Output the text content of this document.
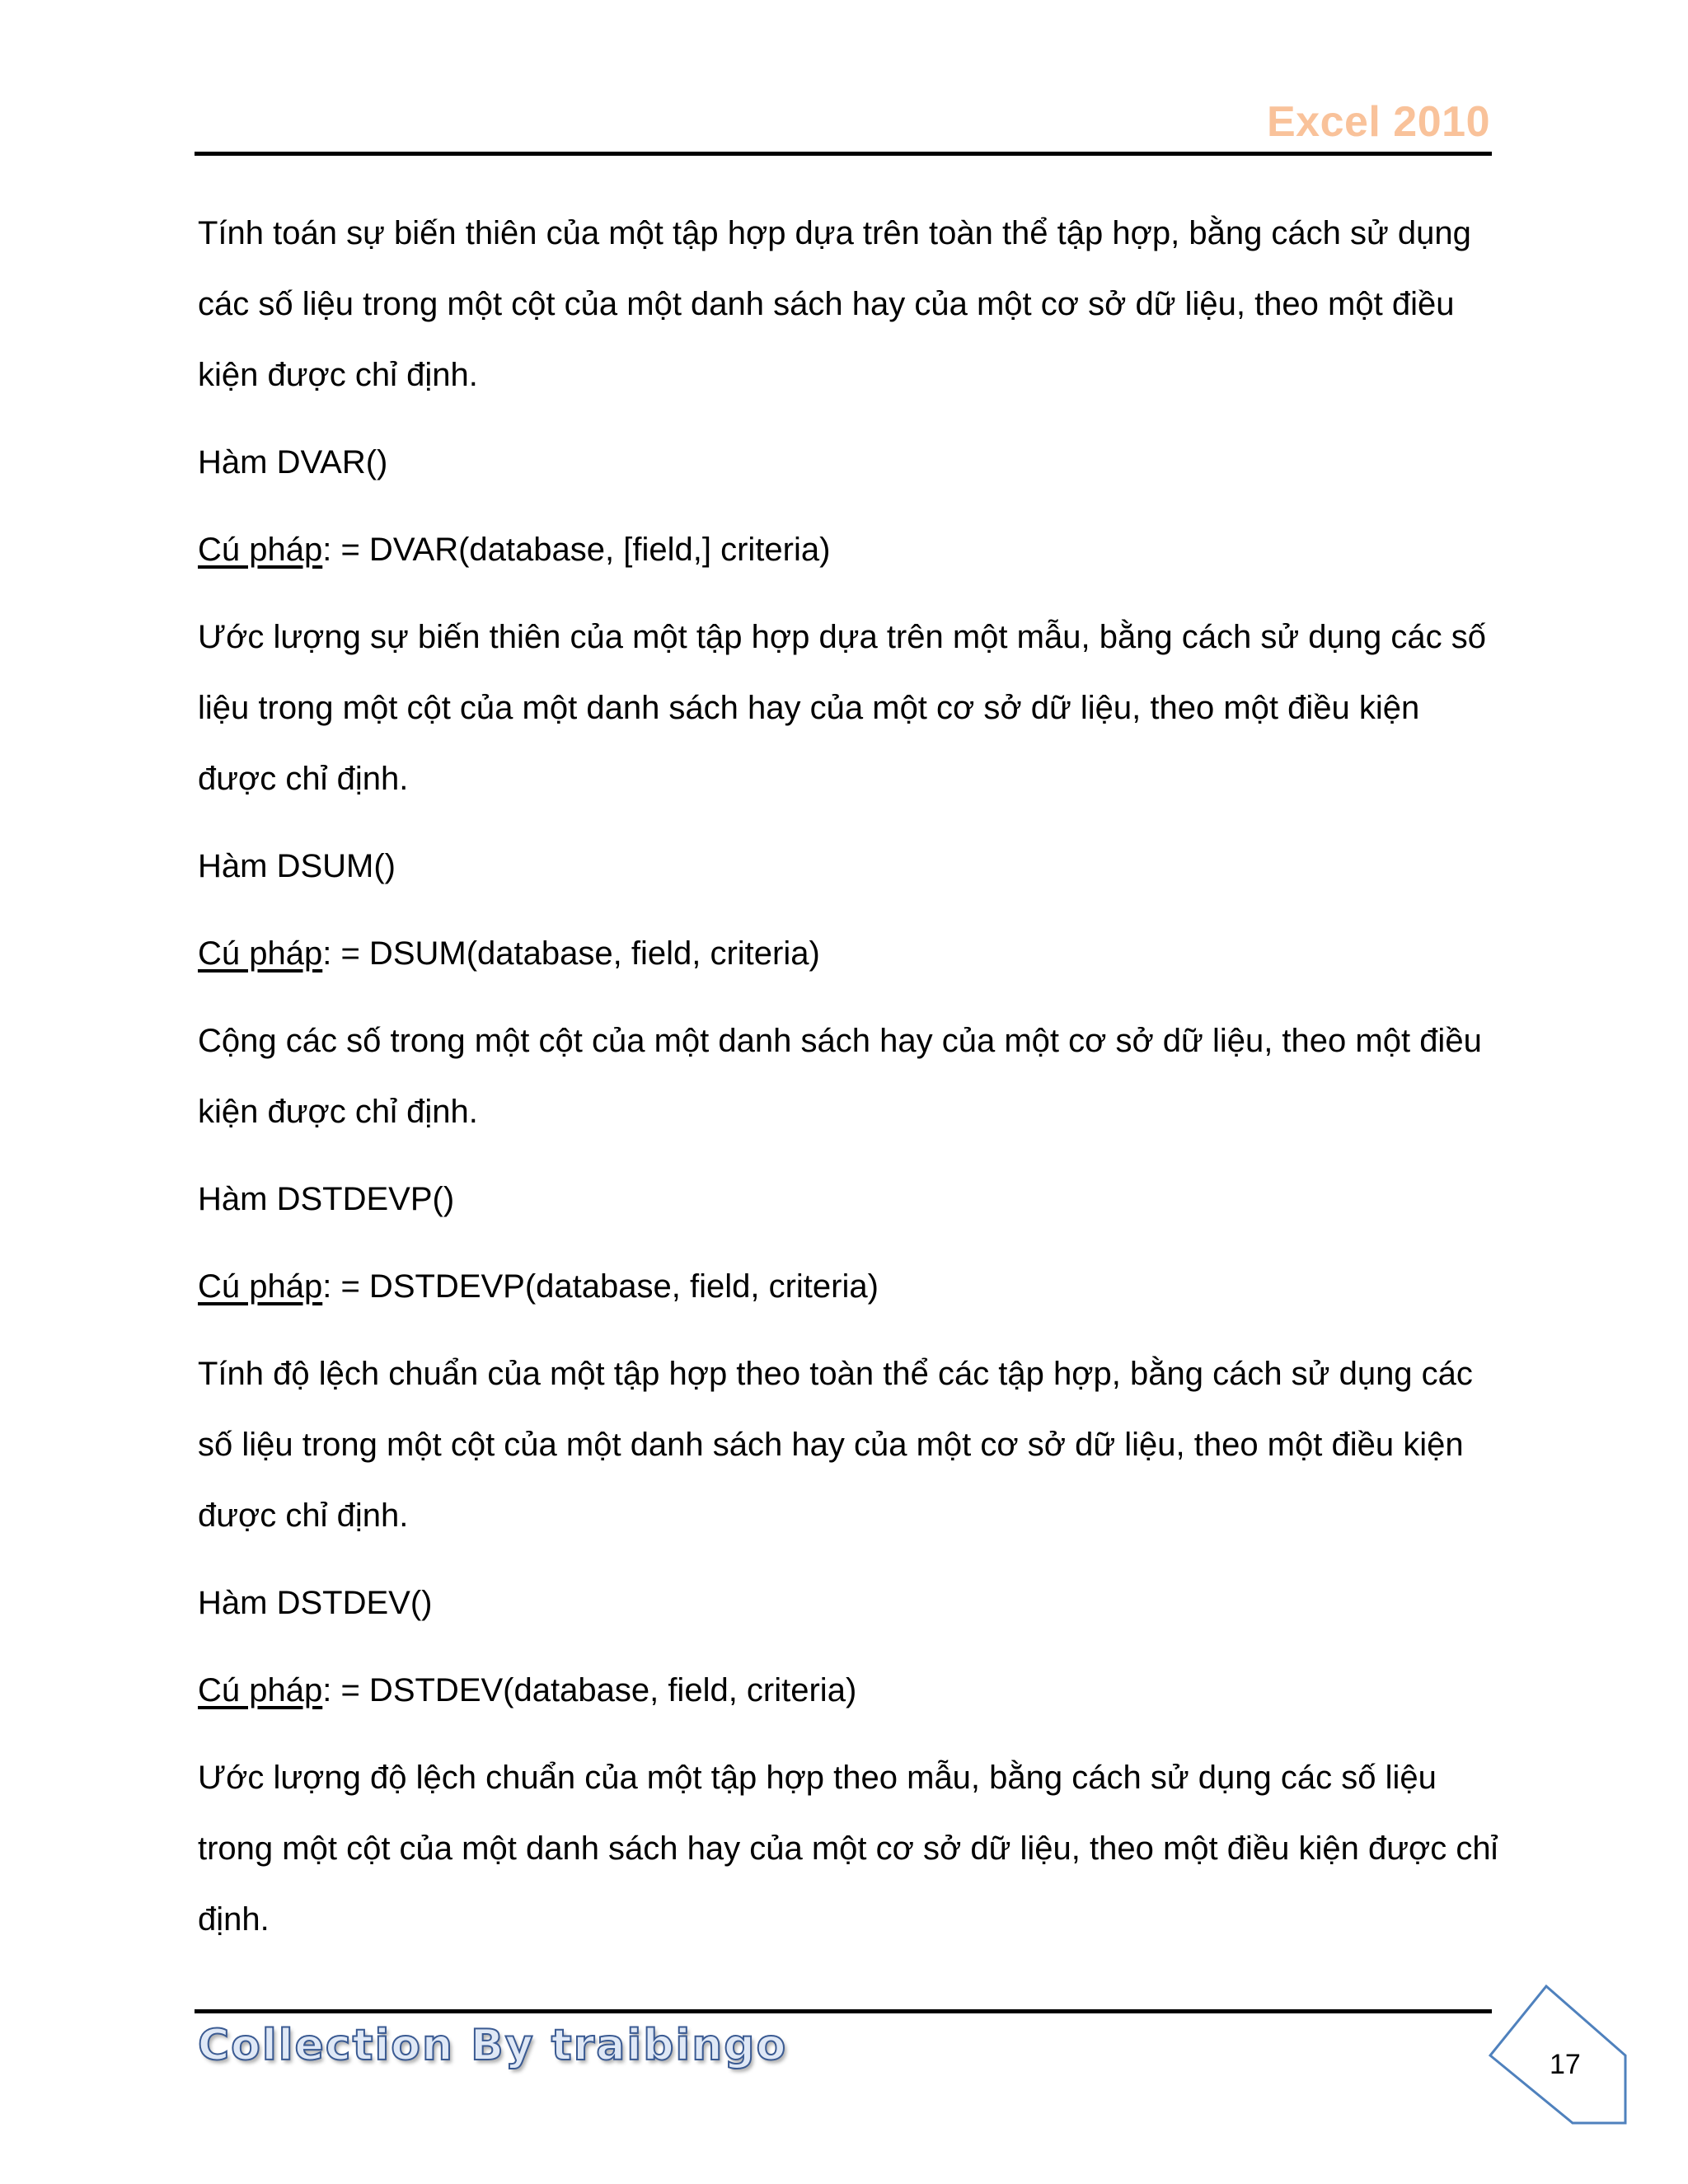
Excel 2010

Tính toán sự biến thiên của một tập hợp dựa trên toàn thể tập hợp, bằng cách sử dụng các số liệu trong một cột của một danh sách hay của một cơ sở dữ liệu, theo một điều kiện được chỉ định.

Hàm DVAR()

Cú pháp: = DVAR(database, [field,] criteria)

Ước lượng sự biến thiên của một tập hợp dựa trên một mẫu, bằng cách sử dụng các số liệu trong một cột của một danh sách hay của một cơ sở dữ liệu, theo một điều kiện được chỉ định.

Hàm DSUM()

Cú pháp: = DSUM(database, field, criteria)

Cộng các số trong một cột của một danh sách hay của một cơ sở dữ liệu, theo một điều kiện được chỉ định.

Hàm DSTDEVP()

Cú pháp: = DSTDEVP(database, field, criteria)

Tính độ lệch chuẩn của một tập hợp theo toàn thể các tập hợp, bằng cách sử dụng các số liệu trong một cột của một danh sách hay của một cơ sở dữ liệu, theo một điều kiện được chỉ định.

Hàm DSTDEV()

Cú pháp: = DSTDEV(database, field, criteria)

Ước lượng độ lệch chuẩn của một tập hợp theo mẫu, bằng cách sử dụng các số liệu trong một cột của một danh sách hay của một cơ sở dữ liệu, theo một điều kiện được chỉ định.

Collection By traibingo	17
